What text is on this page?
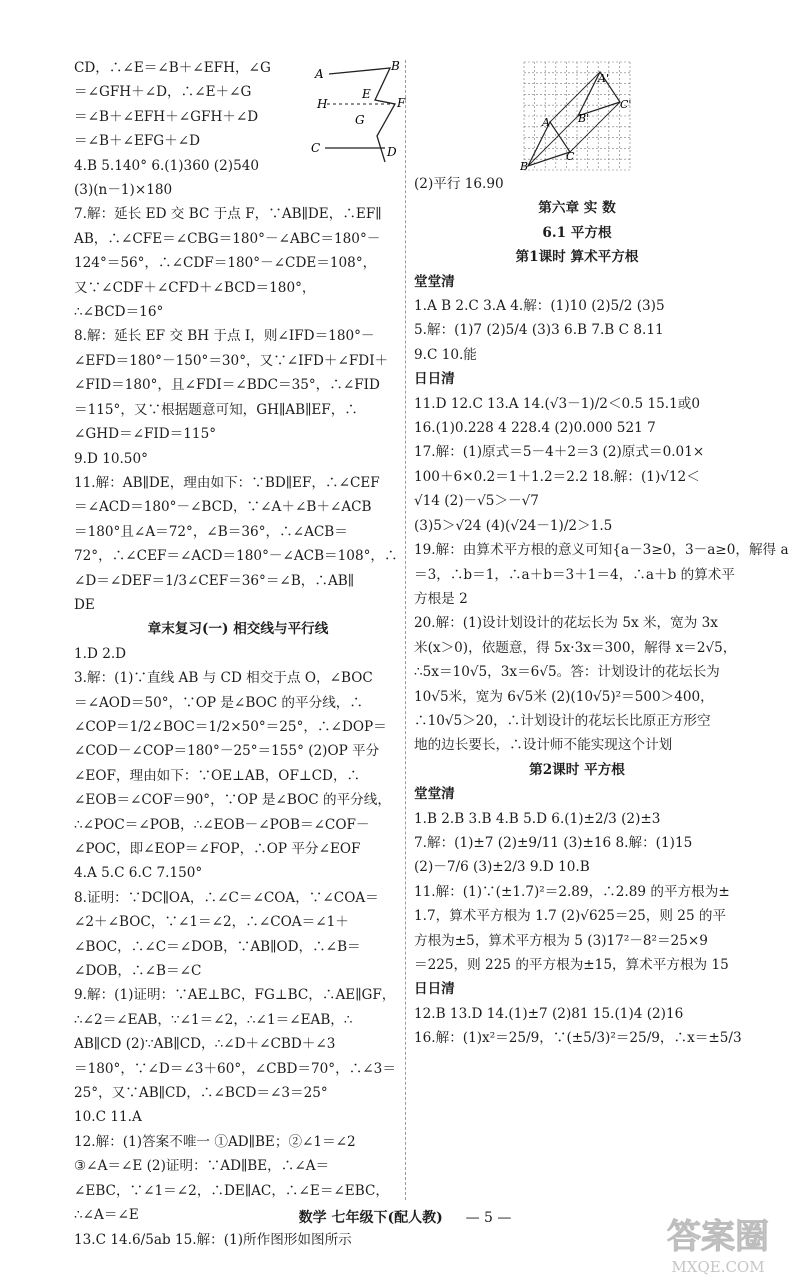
A
B
E
H	F
G
C	D
A'
C'
B'
A
C
B
CD，∴∠E＝∠B＋∠EFH，∠G
＝∠GFH＋∠D，∴∠E＋∠G
＝∠B＋∠EFH＋∠GFH＋∠D
＝∠B＋∠EFG＋∠D
4.B 5.140° 6.(1)360 (2)540
(3)(n－1)×180
7.解：延长 ED 交 BC 于点 F，∵AB∥DE，∴EF∥
AB，∴∠CFE＝∠CBG＝180°－∠ABC＝180°－
124°＝56°，∴∠CDF＝180°－∠CDE＝108°，
又∵∠CDF＋∠CFD＋∠BCD＝180°，
∴∠BCD＝16°
8.解：延长 EF 交 BH 于点 I，则∠IFD＝180°－
∠EFD＝180°－150°＝30°，又∵∠IFD＋∠FDI＋
∠FID＝180°，且∠FDI＝∠BDC＝35°，∴∠FID
＝115°，又∵根据题意可知，GH∥AB∥EF，∴
∠GHD＝∠FID＝115°
9.D 10.50°
11.解：AB∥DE，理由如下：∵BD∥EF，∴∠CEF
＝∠ACD＝180°－∠BCD，∵∠A＋∠B＋∠ACB
＝180°且∠A＝72°，∠B＝36°，∴∠ACB＝
72°，∴∠CEF＝∠ACD＝180°－∠ACB＝108°，∴
∠D＝∠DEF＝1/3∠CEF＝36°＝∠B，∴AB∥
DE
章末复习(一) 相交线与平行线
1.D 2.D
3.解：(1)∵直线 AB 与 CD 相交于点 O，∠BOC
＝∠AOD＝50°，∵OP 是∠BOC 的平分线，∴
∠COP＝1/2∠BOC＝1/2×50°＝25°，∴∠DOP＝
∠COD－∠COP＝180°－25°＝155° (2)OP 平分
∠EOF，理由如下：∵OE⊥AB，OF⊥CD，∴
∠EOB＝∠COF＝90°，∵OP 是∠BOC 的平分线，
∴∠POC＝∠POB，∴∠EOB－∠POB＝∠COF－
∠POC，即∠EOP＝∠FOP，∴OP 平分∠EOF
4.A 5.C 6.C 7.150°
8.证明：∵DC∥OA，∴∠C＝∠COA，∵∠COA＝
∠2＋∠BOC，∵∠1＝∠2，∴∠COA＝∠1＋
∠BOC，∴∠C＝∠DOB，∵AB∥OD，∴∠B＝
∠DOB，∴∠B＝∠C
9.解：(1)证明：∵AE⊥BC，FG⊥BC，∴AE∥GF，
∴∠2＝∠EAB，∵∠1＝∠2，∴∠1＝∠EAB，∴
AB∥CD (2)∵AB∥CD，∴∠D＋∠CBD＋∠3
＝180°，∵∠D＝∠3＋60°，∠CBD＝70°，∴∠3＝
25°，又∵AB∥CD，∴∠BCD＝∠3＝25°
10.C 11.A
12.解：(1)答案不唯一 ①AD∥BE；②∠1＝∠2
③∠A＝∠E (2)证明：∵AD∥BE，∴∠A＝
∠EBC，∵∠1＝∠2，∴DE∥AC，∴∠E＝∠EBC，
∴∠A＝∠E
13.C 14.6/5ab 15.解：(1)所作图形如图所示
(2)平行 16.90
第六章 实 数
6.1 平方根
第1课时 算术平方根
堂堂清
1.A B 2.C 3.A 4.解：(1)10 (2)5/2 (3)5
5.解：(1)7 (2)5/4 (3)3 6.B 7.B C 8.11
9.C 10.能
日日清
11.D 12.C 13.A 14.(√3－1)/2＜0.5 15.1或0
16.(1)0.228 4 228.4 (2)0.000 521 7
17.解：(1)原式＝5－4＋2＝3 (2)原式＝0.01×
100＋6×0.2＝1＋1.2＝2.2 18.解：(1)√12＜
√14 (2)－√5＞－√7
(3)5＞√24 (4)(√24－1)/2＞1.5
19.解：由算术平方根的意义可知{a－3≥0，3－a≥0，解得 a
＝3，∴b＝1，∴a＋b＝3＋1＝4，∴a＋b 的算术平
方根是 2
20.解：(1)设计划设计的花坛长为 5x 米，宽为 3x
米(x＞0)，依题意，得 5x·3x＝300，解得 x＝2√5，
∴5x＝10√5，3x＝6√5。答：计划设计的花坛长为
10√5米，宽为 6√5米 (2)(10√5)²＝500＞400，
∴10√5＞20，∴计划设计的花坛长比原正方形空
地的边长要长，∴设计师不能实现这个计划
第2课时 平方根
堂堂清
1.B 2.B 3.B 4.B 5.D 6.(1)±2/3 (2)±3
7.解：(1)±7 (2)±9/11 (3)±16 8.解：(1)15
(2)－7/6 (3)±2/3 9.D 10.B
11.解：(1)∵(±1.7)²＝2.89，∴2.89 的平方根为±
1.7，算术平方根为 1.7 (2)√625＝25，则 25 的平
方根为±5，算术平方根为 5 (3)17²－8²＝25×9
＝225，则 225 的平方根为±15，算术平方根为 15
日日清
12.B 13.D 14.(1)±7 (2)81 15.(1)4 (2)16
16.解：(1)x²＝25/9，∵(±5/3)²＝25/9，∴x＝±5/3
数学 七年级下(配人教) — 5 —	答案圈
MXQE.COM
